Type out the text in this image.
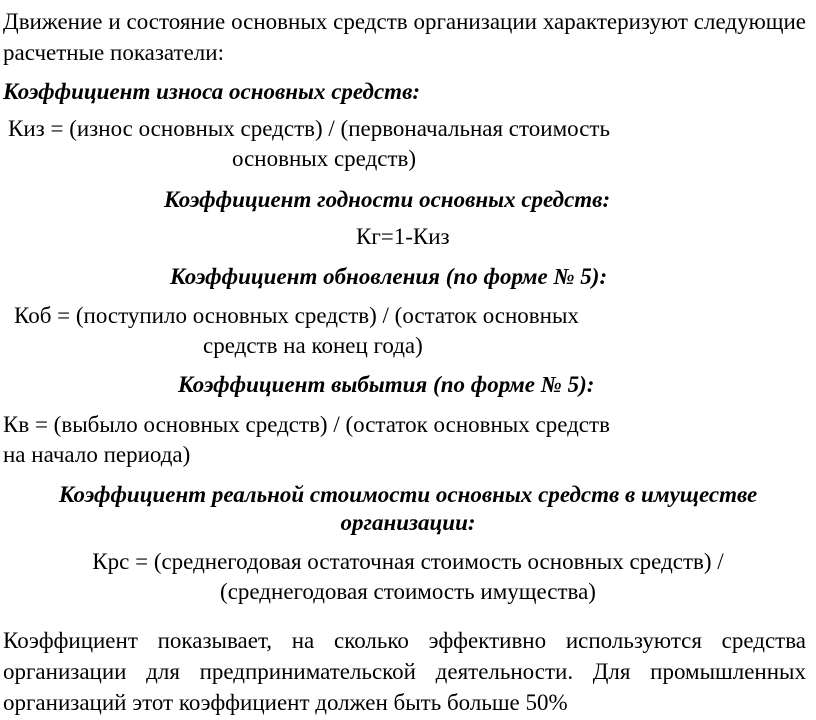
Движение и состояние основных средств организации характеризуют следующие расчетные показатели:
Коэффициент износа основных средств:
Киз = (износ основных средств) / (первоначальная стоимость
основных средств)
Коэффициент годности основных средств:
Кг=1-Киз
Коэффициент обновления (по форме № 5):
Коб = (поступило основных средств) / (остаток основных
средств на конец года)
Коэффициент выбытия (по форме № 5):
Кв = (выбыло основных средств) / (остаток основных средств
на начало периода)
Коэффициент реальной стоимости основных средств в имуществе
организации:
Крс = (среднегодовая остаточная стоимость основных средств) /
(среднегодовая стоимость имущества)
Коэффициент показывает, на сколько эффективно используются средства организации для предпринимательской деятельности. Для промышленных организаций этот коэффициент должен быть больше 50%
